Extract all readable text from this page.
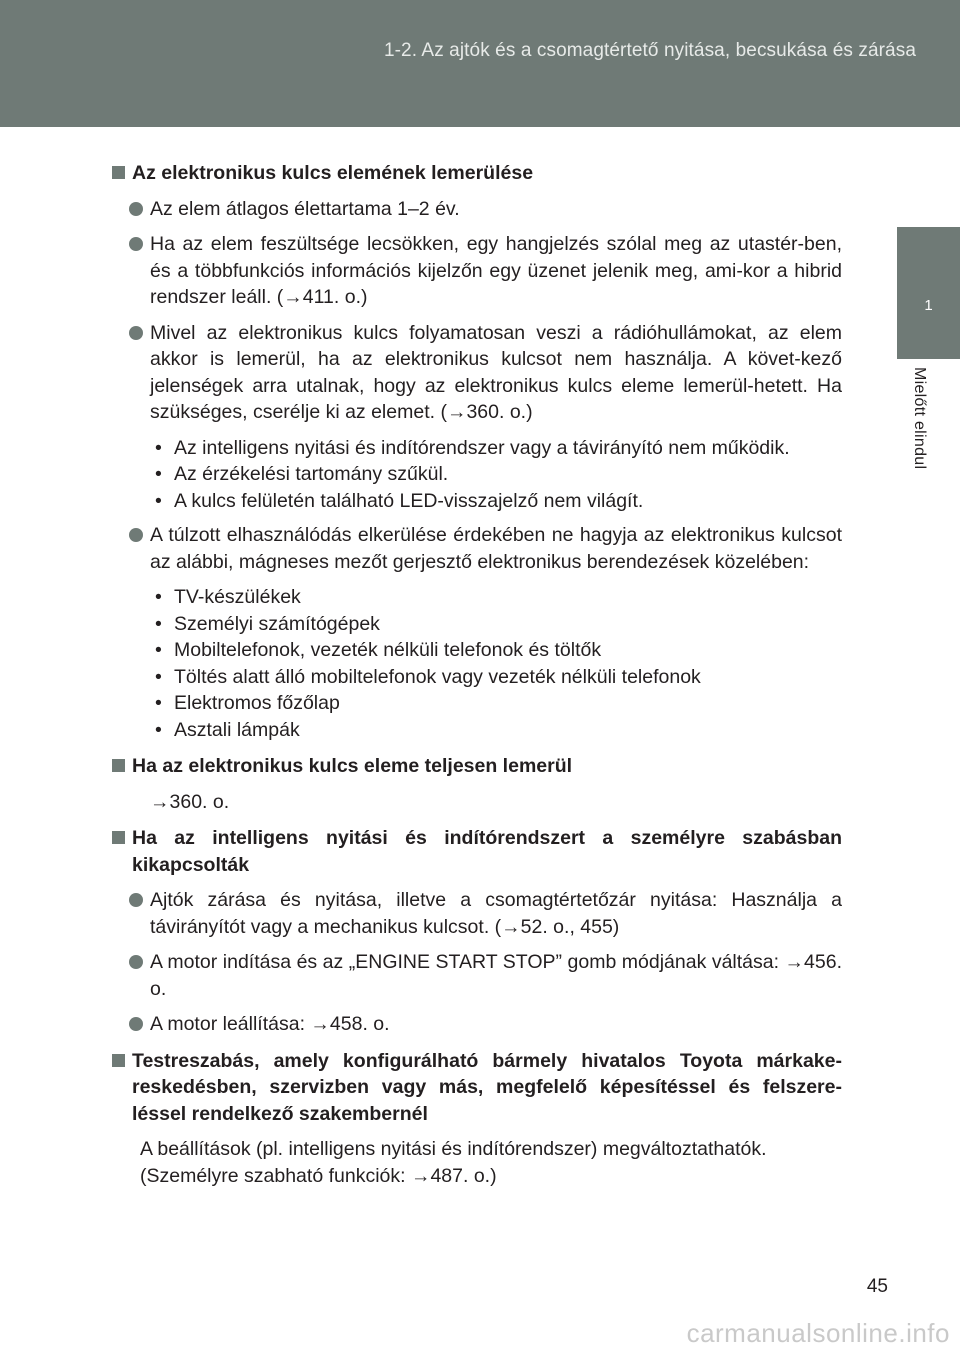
1-2. Az ajtók és a csomagtértető nyitása, becsukása és zárása
1
Mielőtt elindul
Az elektronikus kulcs elemének lemerülése
Az elem átlagos élettartama 1–2 év.
Ha az elem feszültsége lecsökken, egy hangjelzés szólal meg az utastér-ben, és a többfunkciós információs kijelzőn egy üzenet jelenik meg, ami-kor a hibrid rendszer leáll. (→411. o.)
Mivel az elektronikus kulcs folyamatosan veszi a rádióhullámokat, az elem akkor is lemerül, ha az elektronikus kulcsot nem használja. A követ-kező jelenségek arra utalnak, hogy az elektronikus kulcs eleme lemerül-hetett. Ha szükséges, cserélje ki az elemet. (→360. o.)
• Az intelligens nyitási és indítórendszer vagy a távirányító nem működik.
• Az érzékelési tartomány szűkül.
• A kulcs felületén található LED-visszajelző nem világít.
A túlzott elhasználódás elkerülése érdekében ne hagyja az elektronikus kulcsot az alábbi, mágneses mezőt gerjesztő elektronikus berendezések közelében:
• TV-készülékek
• Személyi számítógépek
• Mobiltelefonok, vezeték nélküli telefonok és töltők
• Töltés alatt álló mobiltelefonok vagy vezeték nélküli telefonok
• Elektromos főzőlap
• Asztali lámpák
Ha az elektronikus kulcs eleme teljesen lemerül
→360. o.
Ha az intelligens nyitási és indítórendszert a személyre szabásban kikapcsolták
Ajtók zárása és nyitása, illetve a csomagtértetőzár nyitása: Használja a távirányítót vagy a mechanikus kulcsot. (→52. o., 455)
A motor indítása és az „ENGINE START STOP” gomb módjának váltása: →456. o.
A motor leállítása: →458. o.
Testreszabás, amely konfigurálható bármely hivatalos Toyota márkake-reskedésben, szervizben vagy más, megfelelő képesítéssel és felszere-léssel rendelkező szakembernél
A beállítások (pl. intelligens nyitási és indítórendszer) megváltoztathatók.
(Személyre szabható funkciók: →487. o.)
45
carmanualsonline.info
